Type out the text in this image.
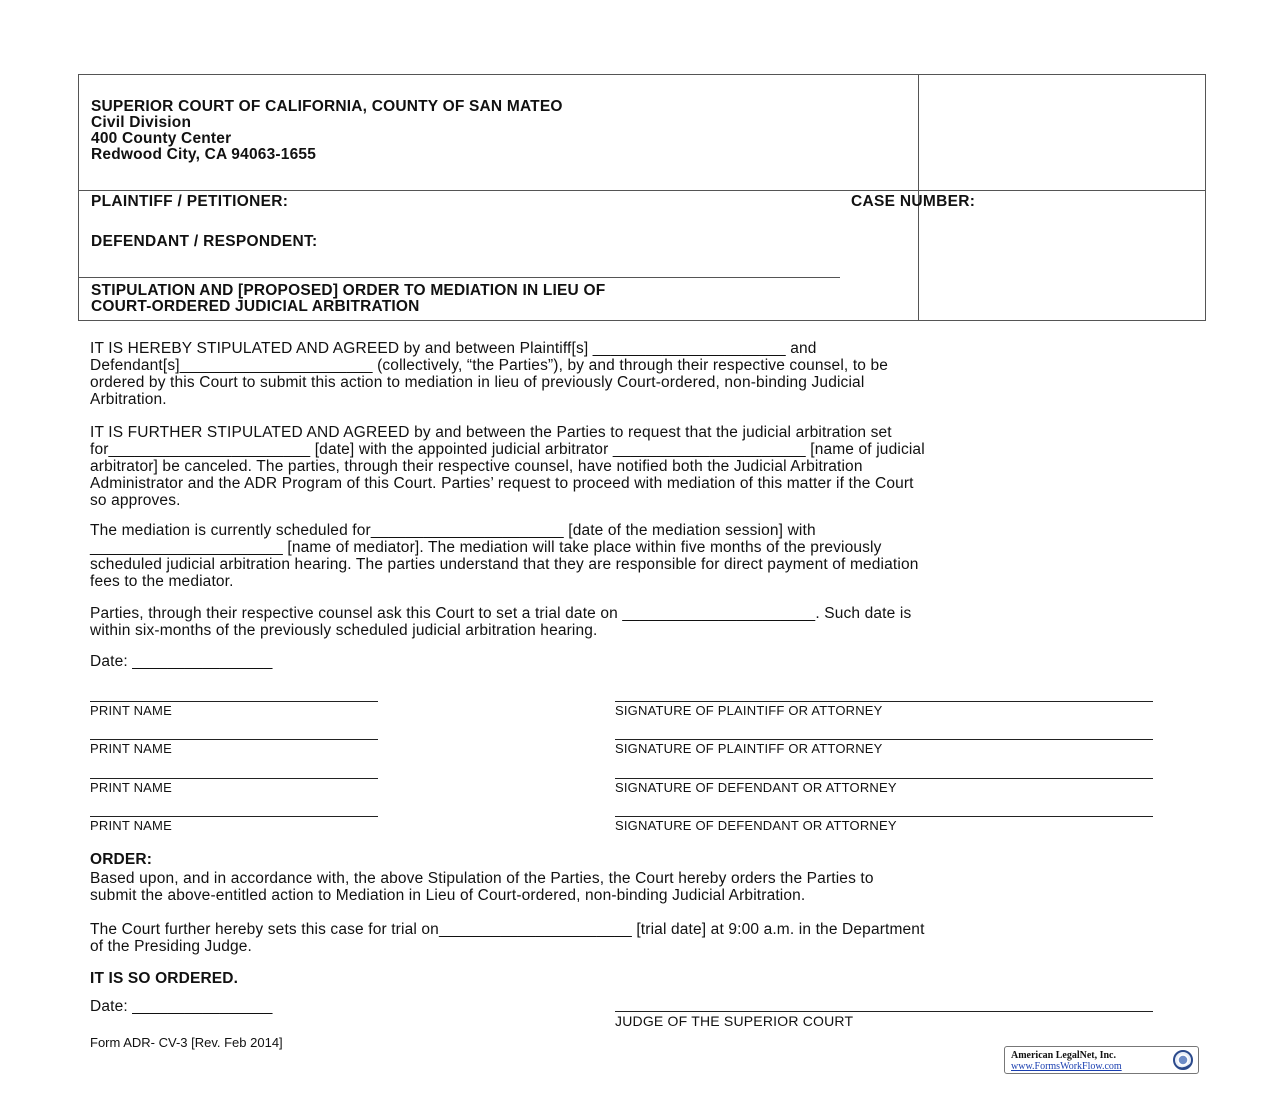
SUPERIOR COURT OF CALIFORNIA, COUNTY OF SAN MATEO
Civil Division
400 County Center
Redwood City, CA 94063-1655
PLAINTIFF / PETITIONER:
DEFENDANT / RESPONDENT:
CASE NUMBER:
STIPULATION AND [PROPOSED] ORDER TO MEDIATION IN LIEU OF
COURT-ORDERED JUDICIAL ARBITRATION

IT IS HEREBY STIPULATED AND AGREED by and between Plaintiff[s] ______________________ and

Defendant[s]______________________ (collectively, “the Parties”), by and through their respective counsel, to be

ordered by this Court to submit this action to mediation in lieu of previously Court-ordered, non-binding Judicial

Arbitration.

IT IS FURTHER STIPULATED AND AGREED by and between the Parties to request that the judicial arbitration set

for_______________________ [date] with the appointed judicial arbitrator ______________________ [name of judicial

arbitrator] be canceled. The parties, through their respective counsel, have notified both the Judicial Arbitration

Administrator and the ADR Program of this Court. Parties’ request to proceed with mediation of this matter if the Court

so approves.

The mediation is currently scheduled for______________________ [date of the mediation session] with

______________________ [name of mediator]. The mediation will take place within five months of the previously

scheduled judicial arbitration hearing. The parties understand that they are responsible for direct payment of mediation

fees to the mediator.

Parties, through their respective counsel ask this Court to set a trial date on ______________________. Such date is

within six-months of the previously scheduled judicial arbitration hearing.

Date: ________________
PRINT NAME	SIGNATURE OF PLAINTIFF OR ATTORNEY
PRINT NAME	SIGNATURE OF PLAINTIFF OR ATTORNEY
PRINT NAME	SIGNATURE OF DEFENDANT OR ATTORNEY
PRINT NAME	SIGNATURE OF DEFENDANT OR ATTORNEY
ORDER:

Based upon, and in accordance with, the above Stipulation of the Parties, the Court hereby orders the Parties to

submit the above-entitled action to Mediation in Lieu of Court-ordered, non-binding Judicial Arbitration.

The Court further hereby sets this case for trial on______________________ [trial date] at 9:00 a.m. in the Department

of the Presiding Judge.

IT IS SO ORDERED.
Date: ________________
JUDGE OF THE SUPERIOR COURT
Form ADR- CV-3 [Rev. Feb 2014]
American LegalNet, Inc.
www.FormsWorkFlow.com
